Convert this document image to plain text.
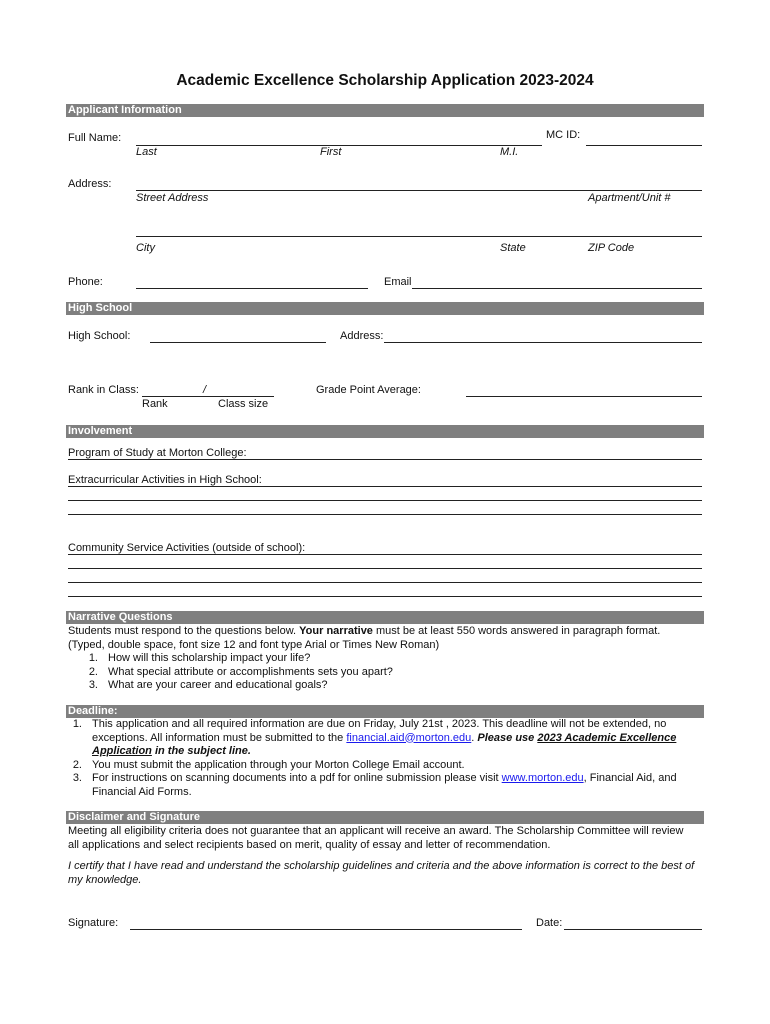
Academic Excellence Scholarship Application 2023-2024
Applicant Information
Full Name:	MC ID:
Last	First	M.I.
Address:
Street Address	Apartment/Unit #
City	State	ZIP Code
Phone:	Email
High School
High School:	Address:
Rank in Class:	/
Rank	Class size
Grade Point Average:
Involvement
Program of Study at Morton College:
Extracurricular Activities in High School:
Community Service Activities (outside of school):
Narrative Questions
Students must respond to the questions below. Your narrative must be at least 550 words answered in paragraph format.
(Typed, double space, font size 12 and font type Arial or Times New Roman)
1. How will this scholarship impact your life?
2. What special attribute or accomplishments sets you apart?
3. What are your career and educational goals?
Deadline:
1. This application and all required information are due on Friday, July 21st , 2023. This deadline will not be extended, no exceptions. All information must be submitted to the financial.aid@morton.edu. Please use 2023 Academic Excellence Application in the subject line.
2. You must submit the application through your Morton College Email account.
3. For instructions on scanning documents into a pdf for online submission please visit www.morton.edu, Financial Aid, and Financial Aid Forms.
Disclaimer and Signature
Meeting all eligibility criteria does not guarantee that an applicant will receive an award. The Scholarship Committee will review all applications and select recipients based on merit, quality of essay and letter of recommendation.
I certify that I have read and understand the scholarship guidelines and criteria and the above information is correct to the best of my knowledge.
Signature:	Date:
